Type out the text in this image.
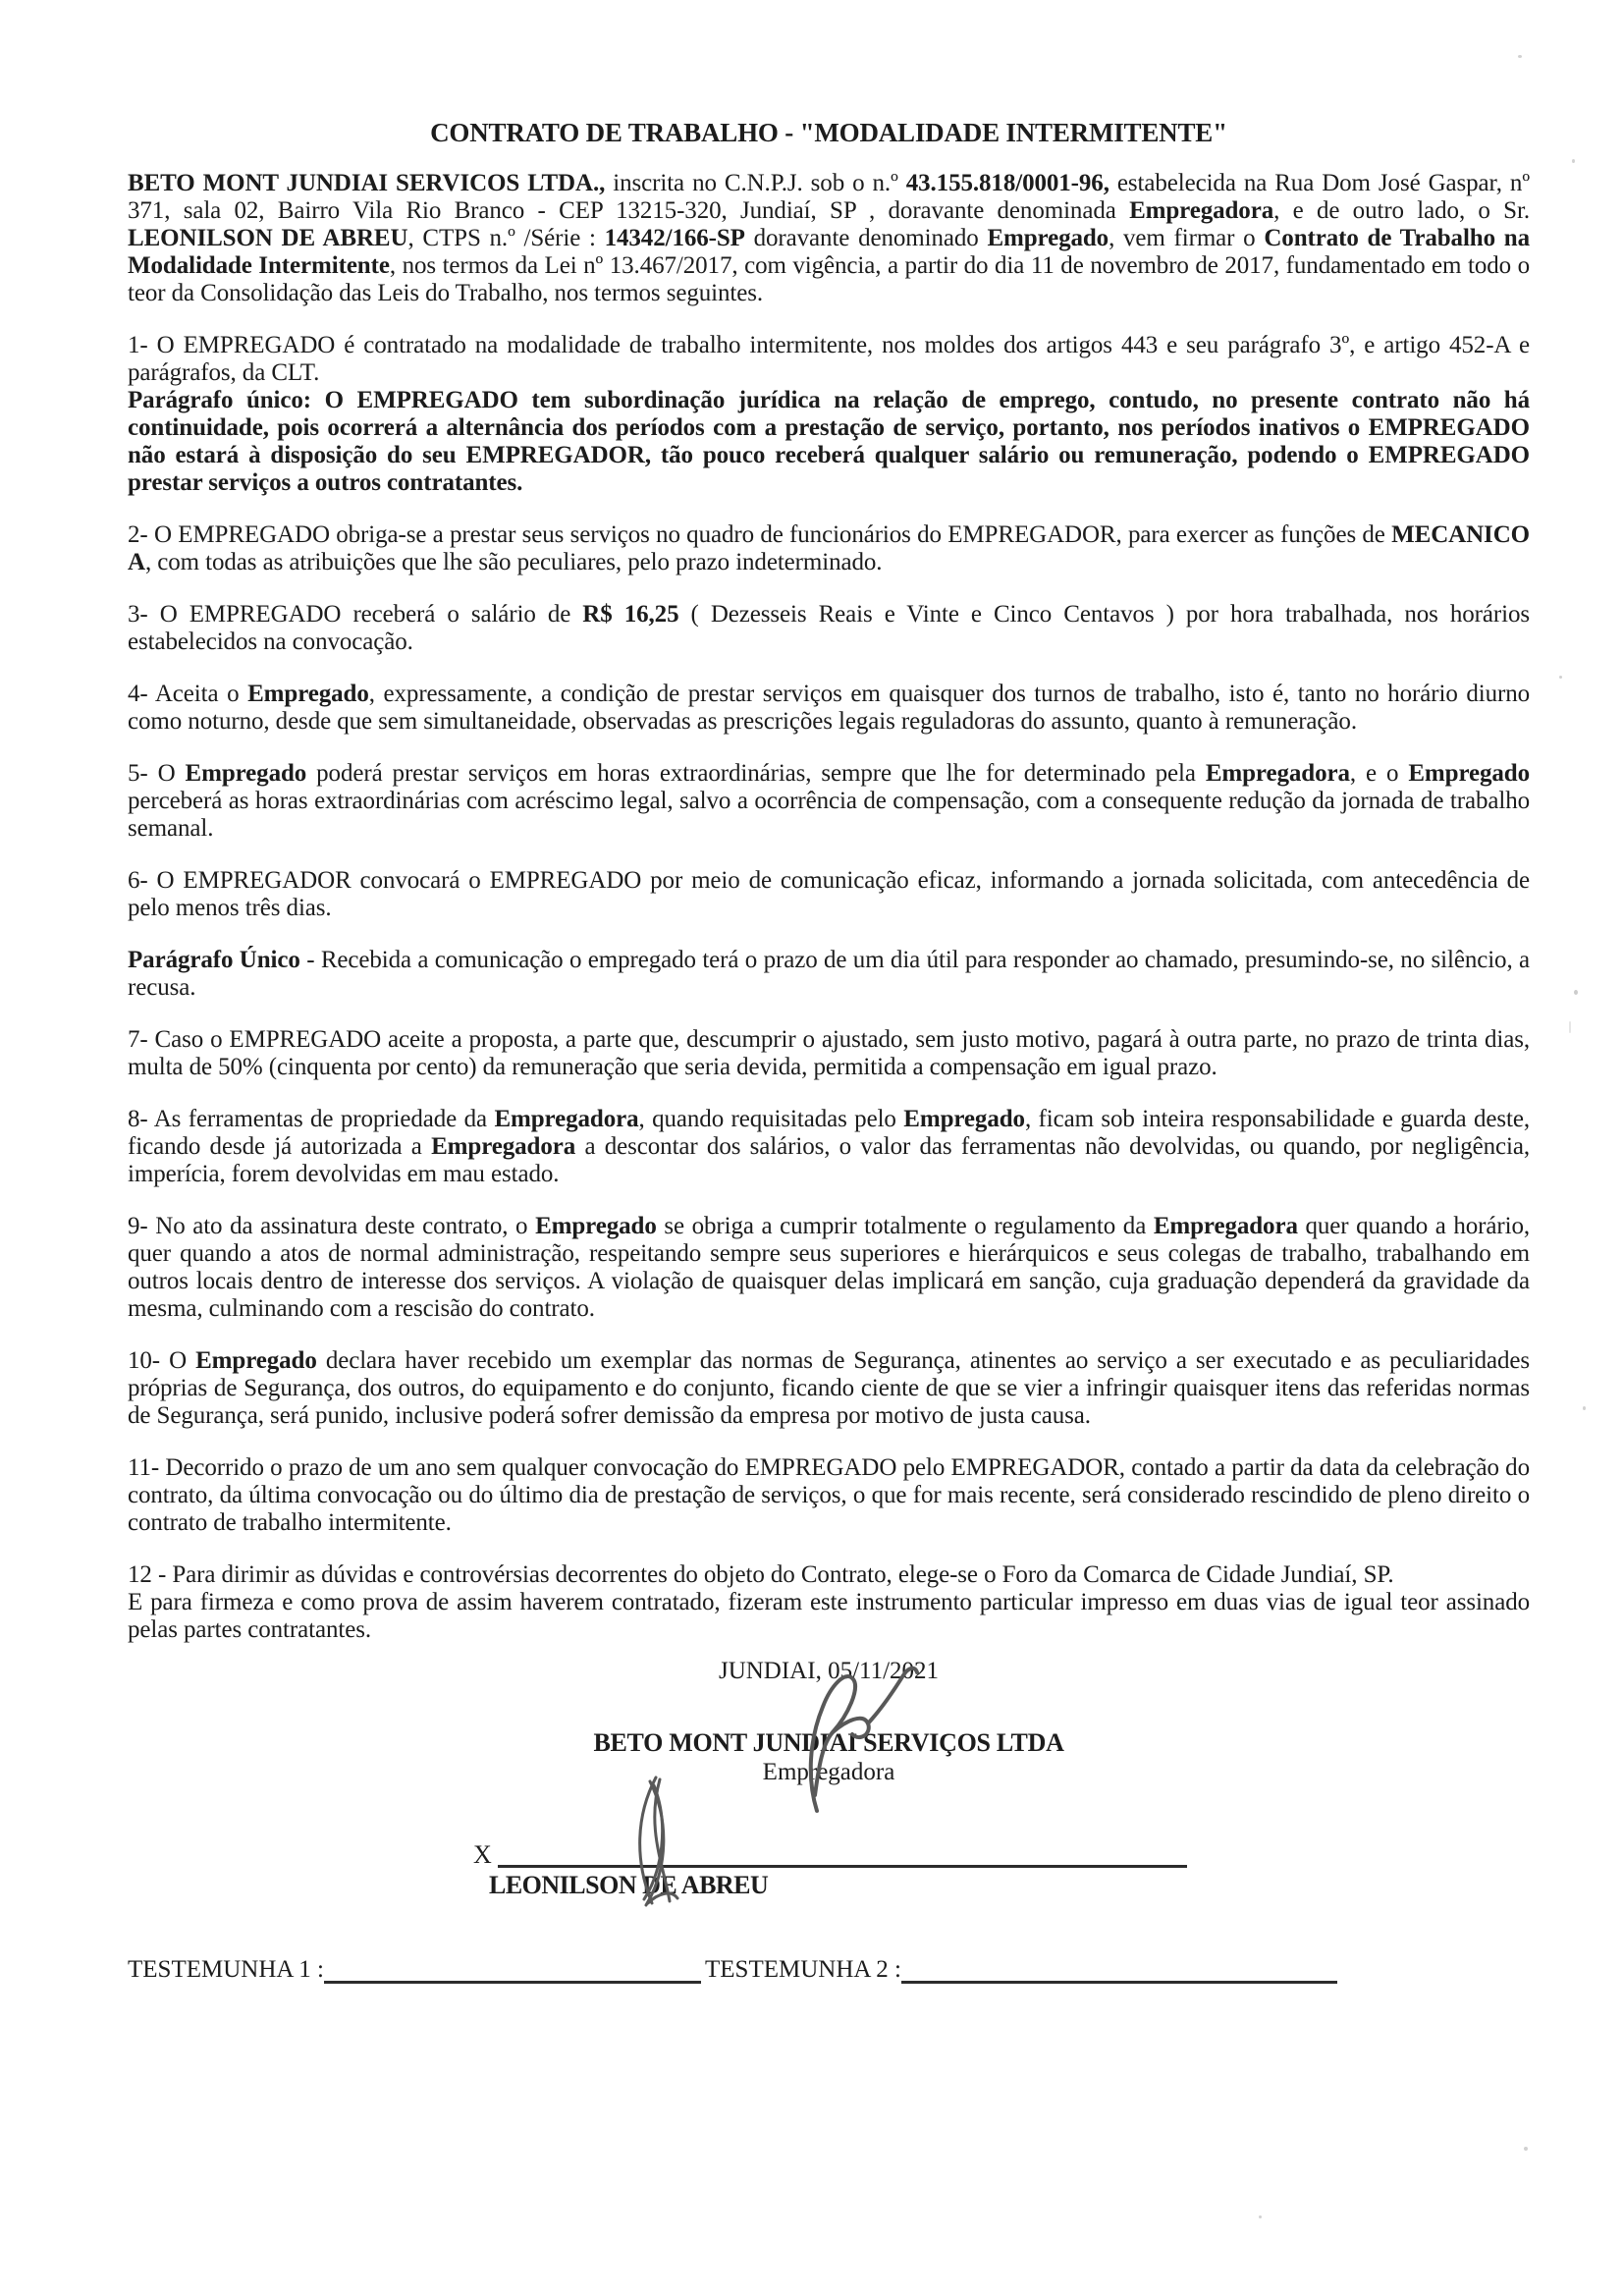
CONTRATO DE TRABALHO - "MODALIDADE INTERMITENTE"

BETO MONT JUNDIAI SERVICOS LTDA., inscrita no C.N.P.J. sob o n.º 43.155.818/0001-96, estabelecida na Rua Dom José Gaspar, nº 371, sala 02, Bairro Vila Rio Branco - CEP 13215-320, Jundiaí, SP , doravante denominada Empregadora, e de outro lado, o Sr. LEONILSON DE ABREU, CTPS n.º /Série : 14342/166-SP doravante denominado Empregado, vem firmar o Contrato de Trabalho na Modalidade Intermitente, nos termos da Lei nº 13.467/2017, com vigência, a partir do dia 11 de novembro de 2017, fundamentado em todo o teor da Consolidação das Leis do Trabalho, nos termos seguintes.

1- O EMPREGADO é contratado na modalidade de trabalho intermitente, nos moldes dos artigos 443 e seu parágrafo 3º, e artigo 452-A e parágrafos, da CLT.

Parágrafo único: O EMPREGADO tem subordinação jurídica na relação de emprego, contudo, no presente contrato não há continuidade, pois ocorrerá a alternância dos períodos com a prestação de serviço, portanto, nos períodos inativos o EMPREGADO não estará à disposição do seu EMPREGADOR, tão pouco receberá qualquer salário ou remuneração, podendo o EMPREGADO prestar serviços a outros contratantes.

2- O EMPREGADO obriga-se a prestar seus serviços no quadro de funcionários do EMPREGADOR, para exercer as funções de MECANICO A, com todas as atribuições que lhe são peculiares, pelo prazo indeterminado.

3- O EMPREGADO receberá o salário de R$ 16,25 ( Dezesseis Reais e Vinte e Cinco Centavos ) por hora trabalhada, nos horários estabelecidos na convocação.

4- Aceita o Empregado, expressamente, a condição de prestar serviços em quaisquer dos turnos de trabalho, isto é, tanto no horário diurno como noturno, desde que sem simultaneidade, observadas as prescrições legais reguladoras do assunto, quanto à remuneração.

5- O Empregado poderá prestar serviços em horas extraordinárias, sempre que lhe for determinado pela Empregadora, e o Empregado perceberá as horas extraordinárias com acréscimo legal, salvo a ocorrência de compensação, com a consequente redução da jornada de trabalho semanal.

6- O EMPREGADOR convocará o EMPREGADO por meio de comunicação eficaz, informando a jornada solicitada, com antecedência de pelo menos três dias.

Parágrafo Único - Recebida a comunicação o empregado terá o prazo de um dia útil para responder ao chamado, presumindo-se, no silêncio, a recusa.

7- Caso o EMPREGADO aceite a proposta, a parte que, descumprir o ajustado, sem justo motivo, pagará à outra parte, no prazo de trinta dias, multa de 50% (cinquenta por cento) da remuneração que seria devida, permitida a compensação em igual prazo.

8- As ferramentas de propriedade da Empregadora, quando requisitadas pelo Empregado, ficam sob inteira responsabilidade e guarda deste, ficando desde já autorizada a Empregadora a descontar dos salários, o valor das ferramentas não devolvidas, ou quando, por negligência, imperícia, forem devolvidas em mau estado.

9- No ato da assinatura deste contrato, o Empregado se obriga a cumprir totalmente o regulamento da Empregadora quer quando a horário, quer quando a atos de normal administração, respeitando sempre seus superiores e hierárquicos e seus colegas de trabalho, trabalhando em outros locais dentro de interesse dos serviços. A violação de quaisquer delas implicará em sanção, cuja graduação dependerá da gravidade da mesma, culminando com a rescisão do contrato.

10- O Empregado declara haver recebido um exemplar das normas de Segurança, atinentes ao serviço a ser executado e as peculiaridades próprias de Segurança, dos outros, do equipamento e do conjunto, ficando ciente de que se vier a infringir quaisquer itens das referidas normas de Segurança, será punido, inclusive poderá sofrer demissão da empresa por motivo de justa causa.

11- Decorrido o prazo de um ano sem qualquer convocação do EMPREGADO pelo EMPREGADOR, contado a partir da data da celebração do contrato, da última convocação ou do último dia de prestação de serviços, o que for mais recente, será considerado rescindido de pleno direito o contrato de trabalho intermitente.

12 - Para dirimir as dúvidas e controvérsias decorrentes do objeto do Contrato, elege-se o Foro da Comarca de Cidade Jundiaí, SP.

E para firmeza e como prova de assim haverem contratado, fizeram este instrumento particular impresso em duas vias de igual teor assinado pelas partes contratantes.

JUNDIAI, 05/11/2021

BETO MONT JUNDIAI SERVIÇOS LTDA

Empregadora

X

LEONILSON DE ABREU

TESTEMUNHA 1 :	TESTEMUNHA 2 :
